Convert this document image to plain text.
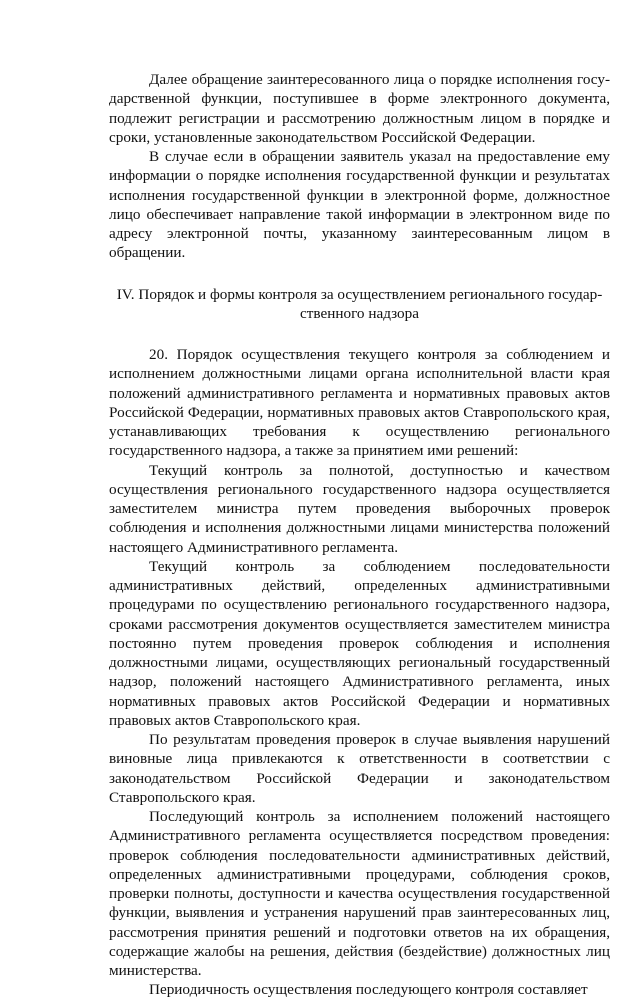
Далее обращение заинтересованного лица о порядке исполнения государственной функции, поступившее в форме электронного документа, подлежит регистрации и рассмотрению должностным лицом в порядке и сроки, установленные законодательством Российской Федерации.

В случае если в обращении заявитель указал на предоставление ему информации о порядке исполнения государственной функции и результатах исполнения государственной функции в электронной форме, должностное лицо обеспечивает направление такой информации в электронном виде по адресу электронной почты, указанному заинтересованным лицом в обращении.

IV. Порядок и формы контроля за осуществлением регионального государственного надзора

20. Порядок осуществления текущего контроля за соблюдением и исполнением должностными лицами органа исполнительной власти края положений административного регламента и нормативных правовых актов Российской Федерации, нормативных правовых актов Ставропольского края, устанавливающих требования к осуществлению регионального государственного надзора, а также за принятием ими решений:

Текущий контроль за полнотой, доступностью и качеством осуществления регионального государственного надзора осуществляется заместителем министра путем проведения выборочных проверок соблюдения и исполнения должностными лицами министерства положений настоящего Административного регламента.

Текущий контроль за соблюдением последовательности административных действий, определенных административными процедурами по осуществлению регионального государственного надзора, сроками рассмотрения документов осуществляется заместителем министра постоянно путем проведения проверок соблюдения и исполнения должностными лицами, осуществляющих региональный государственный надзор, положений настоящего Административного регламента, иных нормативных правовых актов Российской Федерации и нормативных правовых актов Ставропольского края.

По результатам проведения проверок в случае выявления нарушений виновные лица привлекаются к ответственности в соответствии с законодательством Российской Федерации и законодательством Ставропольского края.

Последующий контроль за исполнением положений настоящего Административного регламента осуществляется посредством проведения: проверок соблюдения последовательности административных действий, определенных административными процедурами, соблюдения сроков, проверки полноты, доступности и качества осуществления государственной функции, выявления и устранения нарушений прав заинтересованных лиц, рассмотрения принятия решений и подготовки ответов на их обращения, содержащие жалобы на решения, действия (бездействие) должностных лиц министерства.

Периодичность осуществления последующего контроля составляет
